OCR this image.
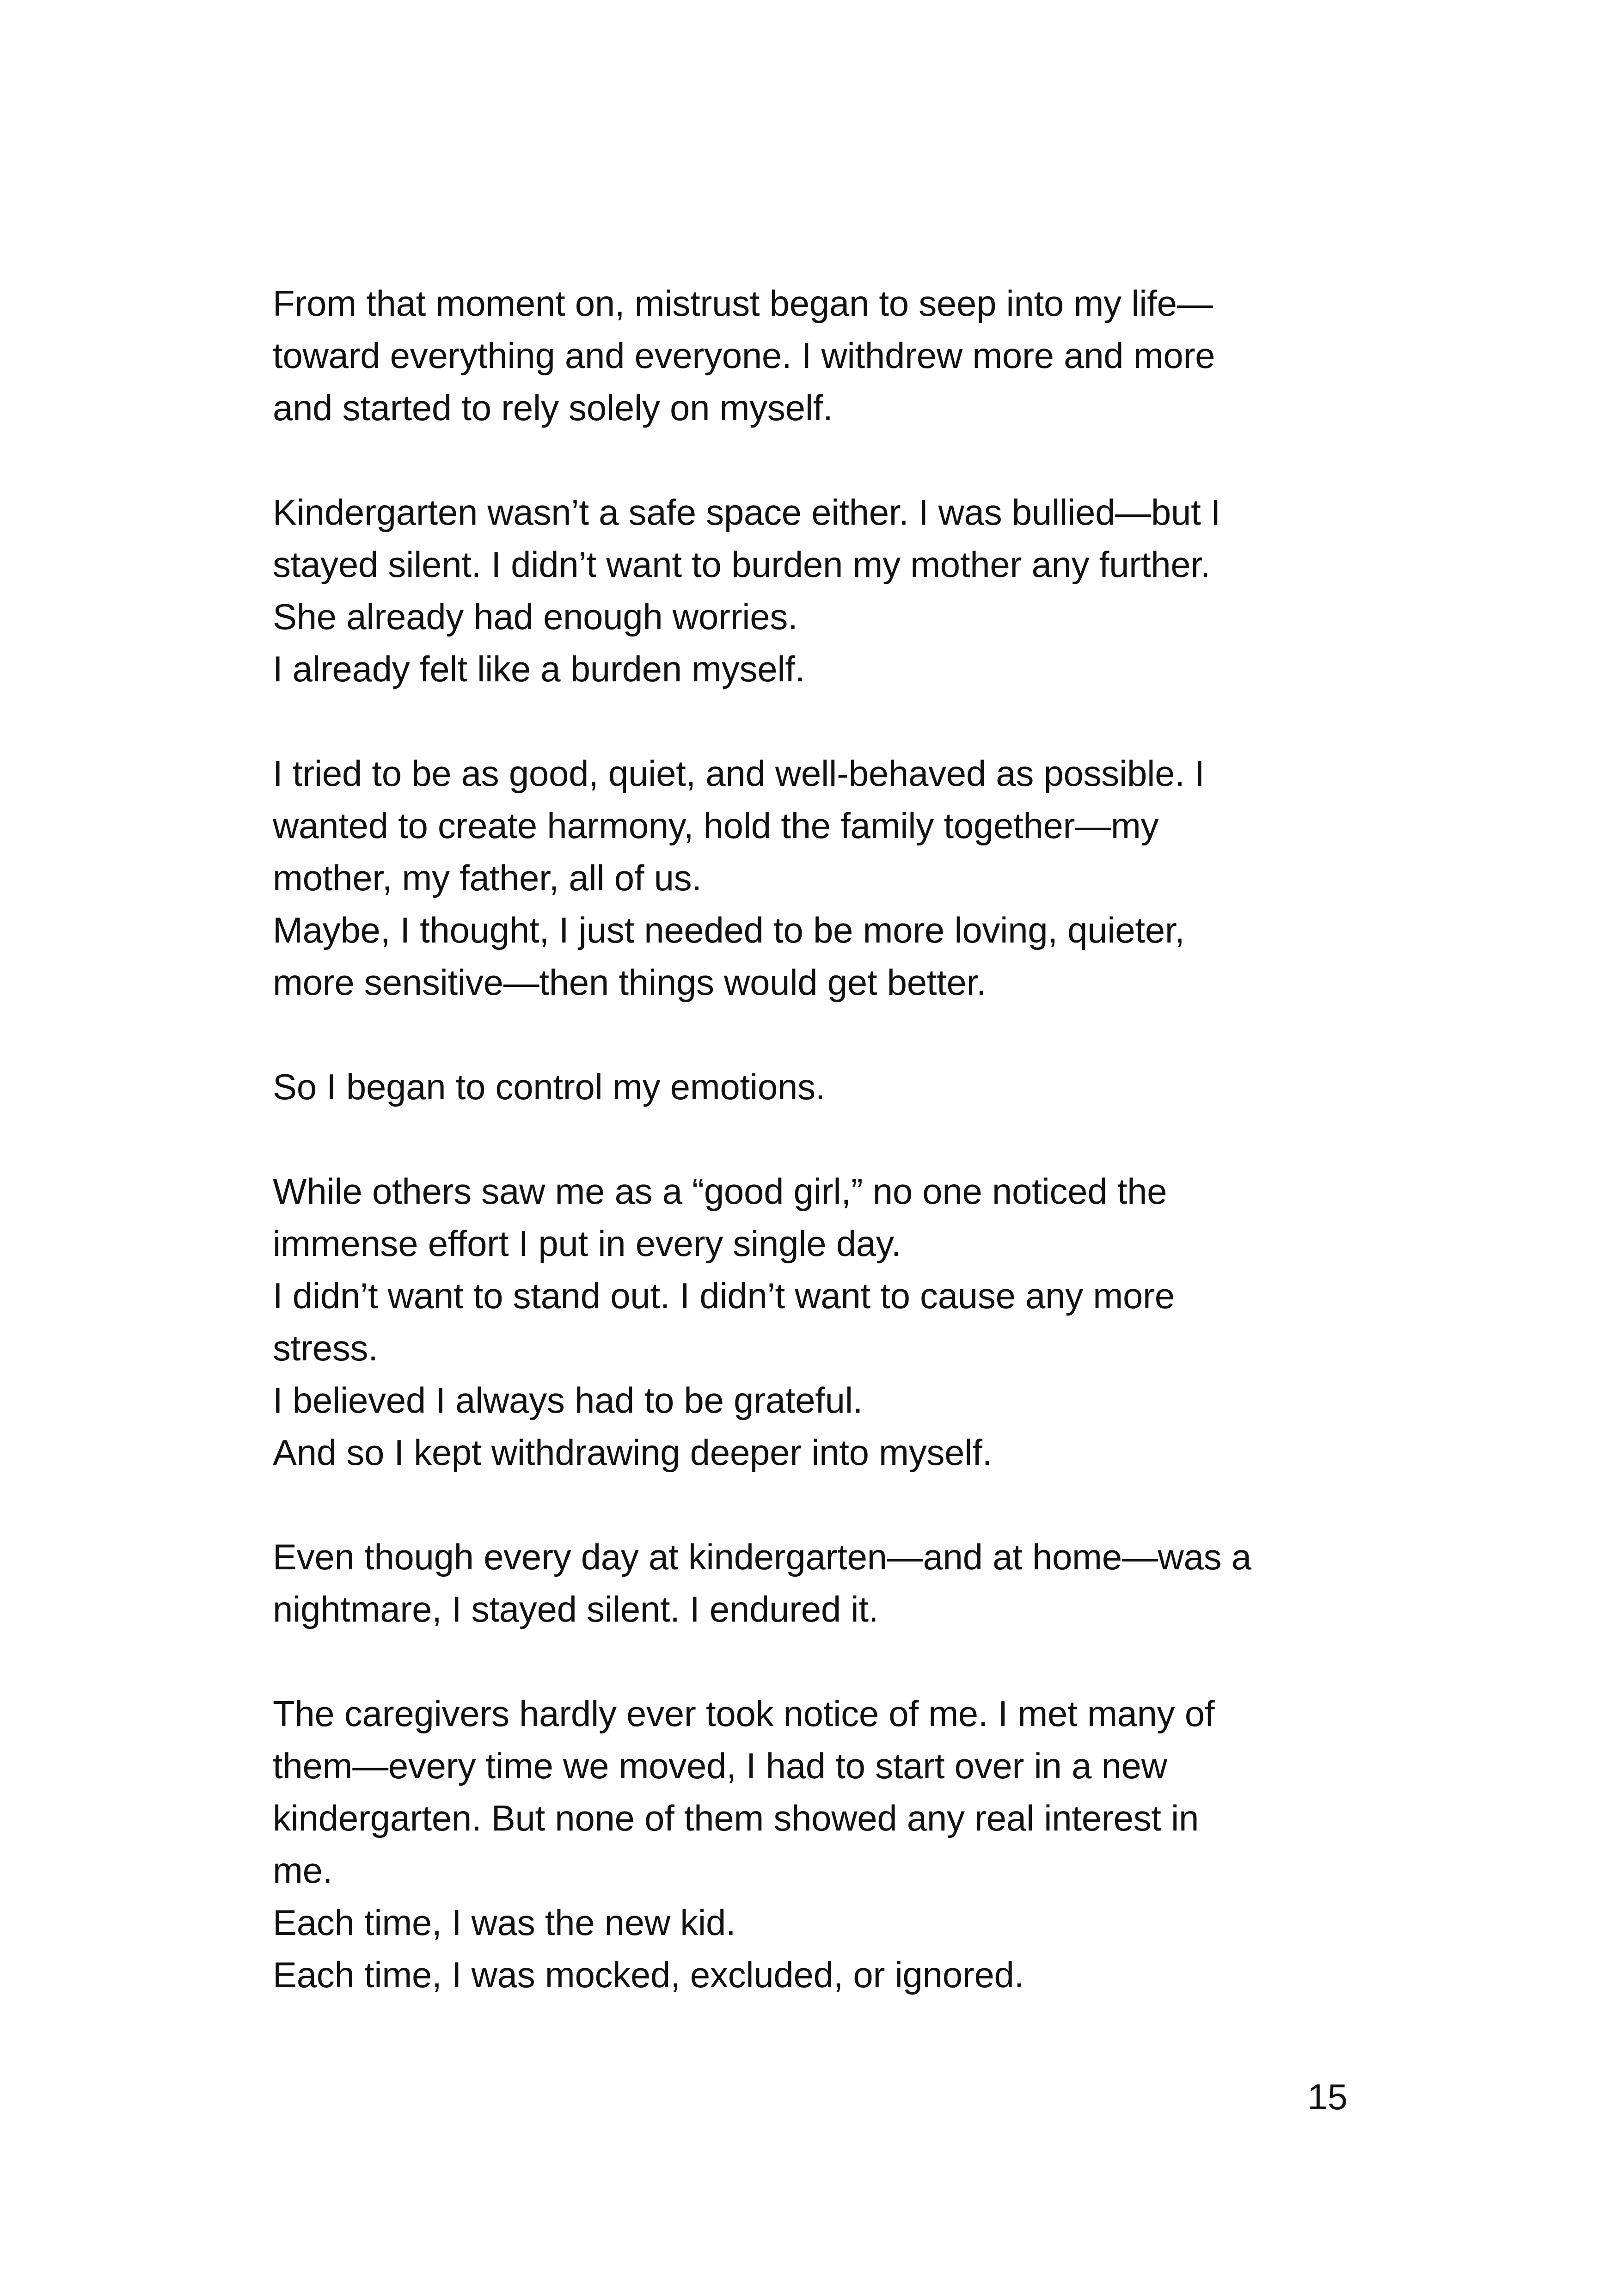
From that moment on, mistrust began to seep into my life—
toward everything and everyone. I withdrew more and more
and started to rely solely on myself.
Kindergarten wasn’t a safe space either. I was bullied—but I
stayed silent. I didn’t want to burden my mother any further.
She already had enough worries.
I already felt like a burden myself.
I tried to be as good, quiet, and well-behaved as possible. I
wanted to create harmony, hold the family together—my
mother, my father, all of us.
Maybe, I thought, I just needed to be more loving, quieter,
more sensitive—then things would get better.
So I began to control my emotions.
While others saw me as a “good girl,” no one noticed the
immense effort I put in every single day.
I didn’t want to stand out. I didn’t want to cause any more
stress.
I believed I always had to be grateful.
And so I kept withdrawing deeper into myself.
Even though every day at kindergarten—and at home—was a
nightmare, I stayed silent. I endured it.
The caregivers hardly ever took notice of me. I met many of
them—every time we moved, I had to start over in a new
kindergarten. But none of them showed any real interest in
me.
Each time, I was the new kid.
Each time, I was mocked, excluded, or ignored.
15
